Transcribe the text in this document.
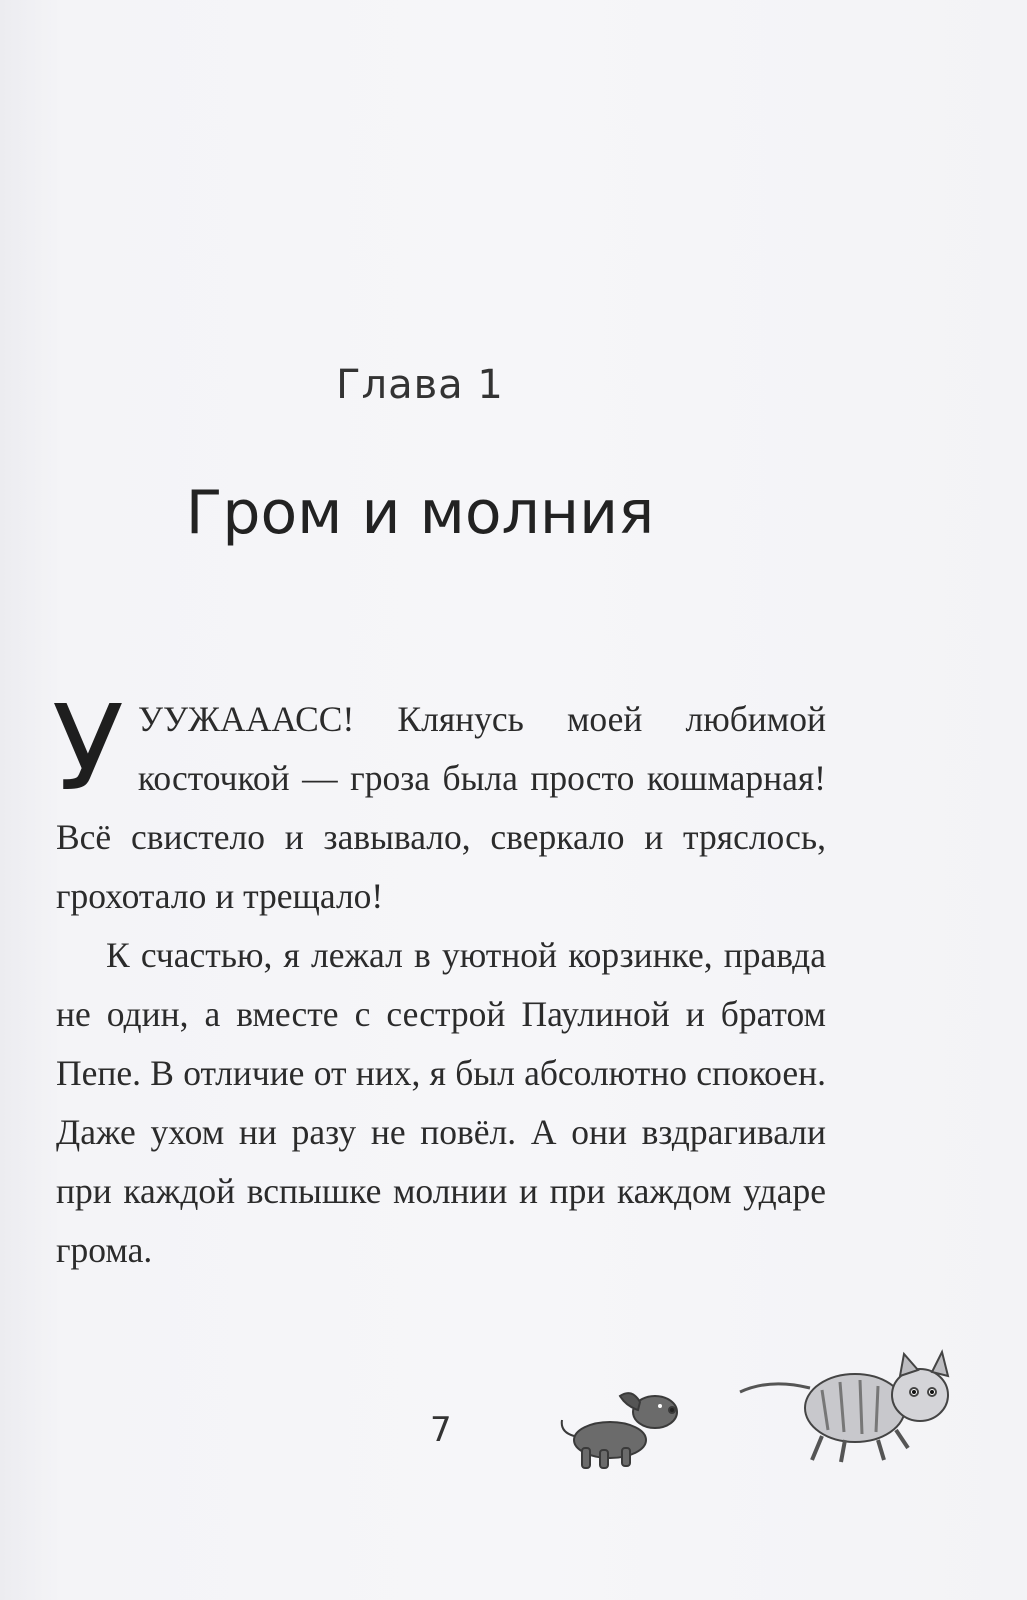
Глава 1
Гром и молния

У УУЖАААСС! Клянусь моей любимой косточкой — гроза была просто кошмарная! Всё свистело и завывало, сверкало и тряслось, грохотало и трещало!

К счастью, я лежал в уютной корзинке, правда не один, а вместе с сестрой Паулиной и братом Пепе. В отличие от них, я был абсолютно спокоен. Даже ухом ни разу не повёл. А они вздрагивали при каждой вспышке молнии и при каждом ударе грома.

7
